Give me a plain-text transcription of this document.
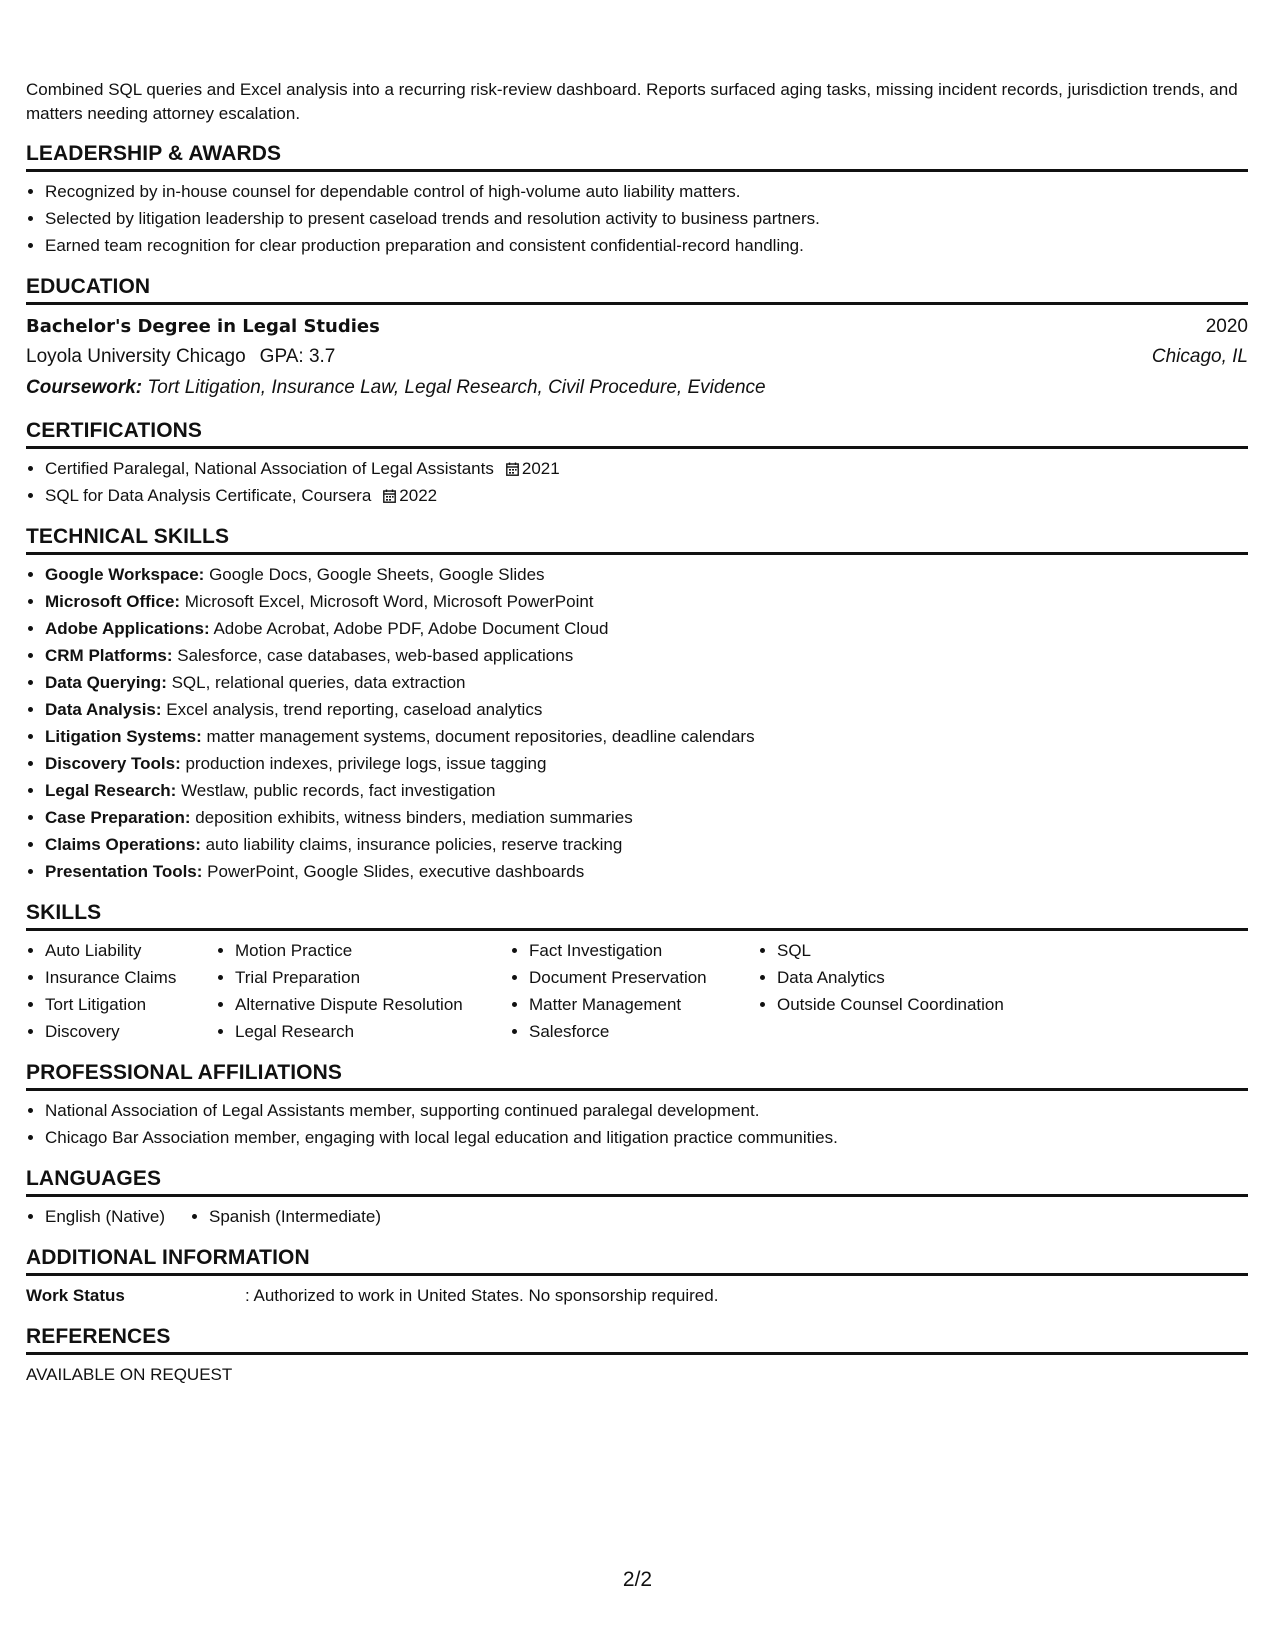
Combined SQL queries and Excel analysis into a recurring risk-review dashboard. Reports surfaced aging tasks, missing incident records, jurisdiction trends, and matters needing attorney escalation.

LEADERSHIP & AWARDS
• Recognized by in-house counsel for dependable control of high-volume auto liability matters.
• Selected by litigation leadership to present caseload trends and resolution activity to business partners.
• Earned team recognition for clear production preparation and consistent confidential-record handling.
EDUCATION
Bachelor's Degree in Legal Studies	2020
Loyola University Chicago GPA: 3.7	Chicago, IL
Coursework: Tort Litigation, Insurance Law, Legal Research, Civil Procedure, Evidence
CERTIFICATIONS
• Certified Paralegal, National Association of Legal Assistants 2021
• SQL for Data Analysis Certificate, Coursera 2022
TECHNICAL SKILLS
• Google Workspace: Google Docs, Google Sheets, Google Slides
• Microsoft Office: Microsoft Excel, Microsoft Word, Microsoft PowerPoint
• Adobe Applications: Adobe Acrobat, Adobe PDF, Adobe Document Cloud
• CRM Platforms: Salesforce, case databases, web-based applications
• Data Querying: SQL, relational queries, data extraction
• Data Analysis: Excel analysis, trend reporting, caseload analytics
• Litigation Systems: matter management systems, document repositories, deadline calendars
• Discovery Tools: production indexes, privilege logs, issue tagging
• Legal Research: Westlaw, public records, fact investigation
• Case Preparation: deposition exhibits, witness binders, mediation summaries
• Claims Operations: auto liability claims, insurance policies, reserve tracking
• Presentation Tools: PowerPoint, Google Slides, executive dashboards
SKILLS
• Auto Liability
• Insurance Claims
• Tort Litigation
• Discovery
• Motion Practice
• Trial Preparation
• Alternative Dispute Resolution
• Legal Research
• Fact Investigation
• Document Preservation
• Matter Management
• Salesforce
• SQL
• Data Analytics
• Outside Counsel Coordination
PROFESSIONAL AFFILIATIONS
• National Association of Legal Assistants member, supporting continued paralegal development.
• Chicago Bar Association member, engaging with local legal education and litigation practice communities.
LANGUAGES
• English (Native)
•	Spanish (Intermediate)
ADDITIONAL INFORMATION
Work Status	: Authorized to work in United States. No sponsorship required.
REFERENCES
AVAILABLE ON REQUEST
2/2
